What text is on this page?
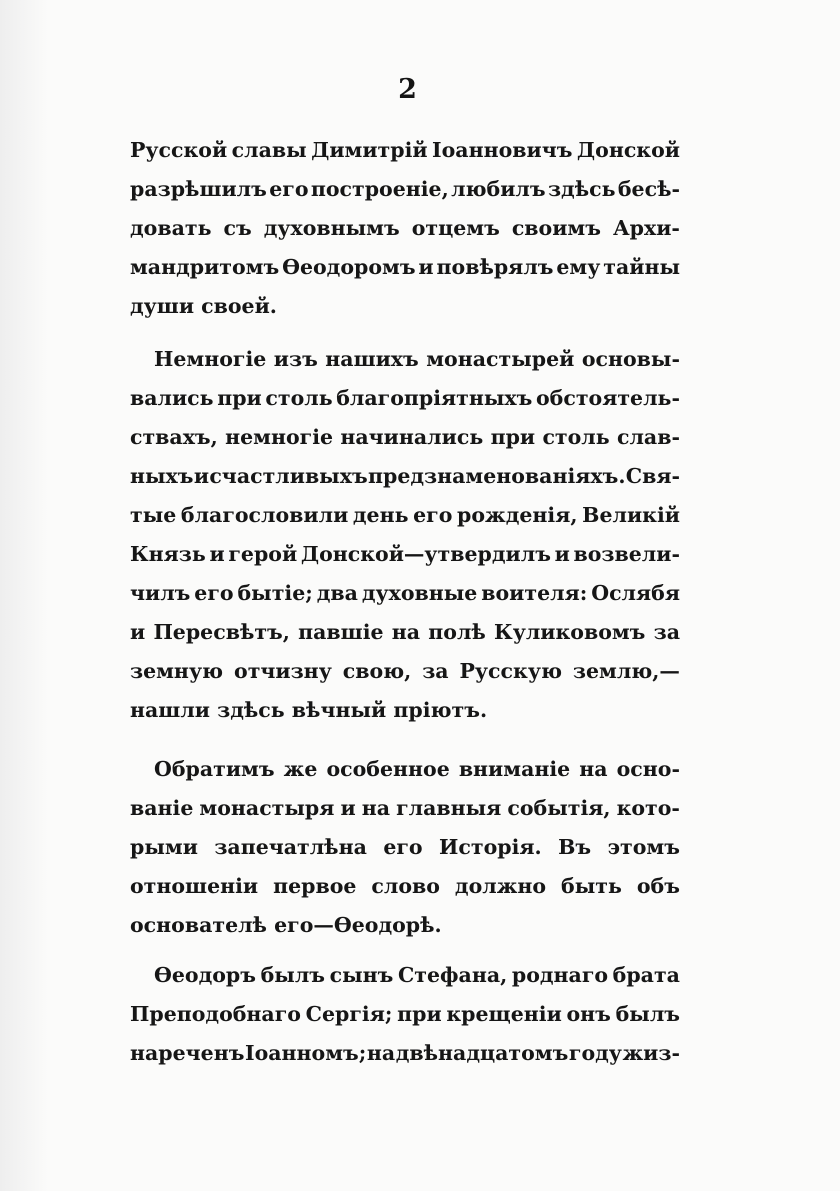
2
Русской славы Димитрій Іоанновичъ Донской
разрѣшилъ его построеніе, любилъ здѣсь бесѣ-
довать съ духовнымъ отцемъ своимъ Архи-
мандритомъ Ѳеодоромъ и повѣрялъ ему тайны
души своей.
Немногіе изъ нашихъ монастырей основы-
вались при столь благопріятныхъ обстоятель-
ствахъ, немногіе начинались при столь слав-
ныхъ и счастливыхъ предзнаменованіяхъ. Свя-
тые благословили день его рожденія, Великій
Князь и герой Донской—утвердилъ и возвели-
чилъ его бытіе; два духовные воителя: Ослябя
и Пересвѣтъ, павшіе на полѣ Куликовомъ за
земную отчизну свою, за Русскую землю,—
нашли здѣсь вѣчный пріютъ.
Обратимъ же особенное вниманіе на осно-
ваніе монастыря и на главныя событія, кото-
рыми запечатлѣна его Исторія. Въ этомъ
отношеніи первое слово должно быть объ
основателѣ его—Ѳеодорѣ.
Ѳеодоръ былъ сынъ Стефана, роднаго брата
Преподобнаго Сергія; при крещеніи онъ былъ
нареченъ Іоанномъ; на двѣнадцатомъ году жиз-
